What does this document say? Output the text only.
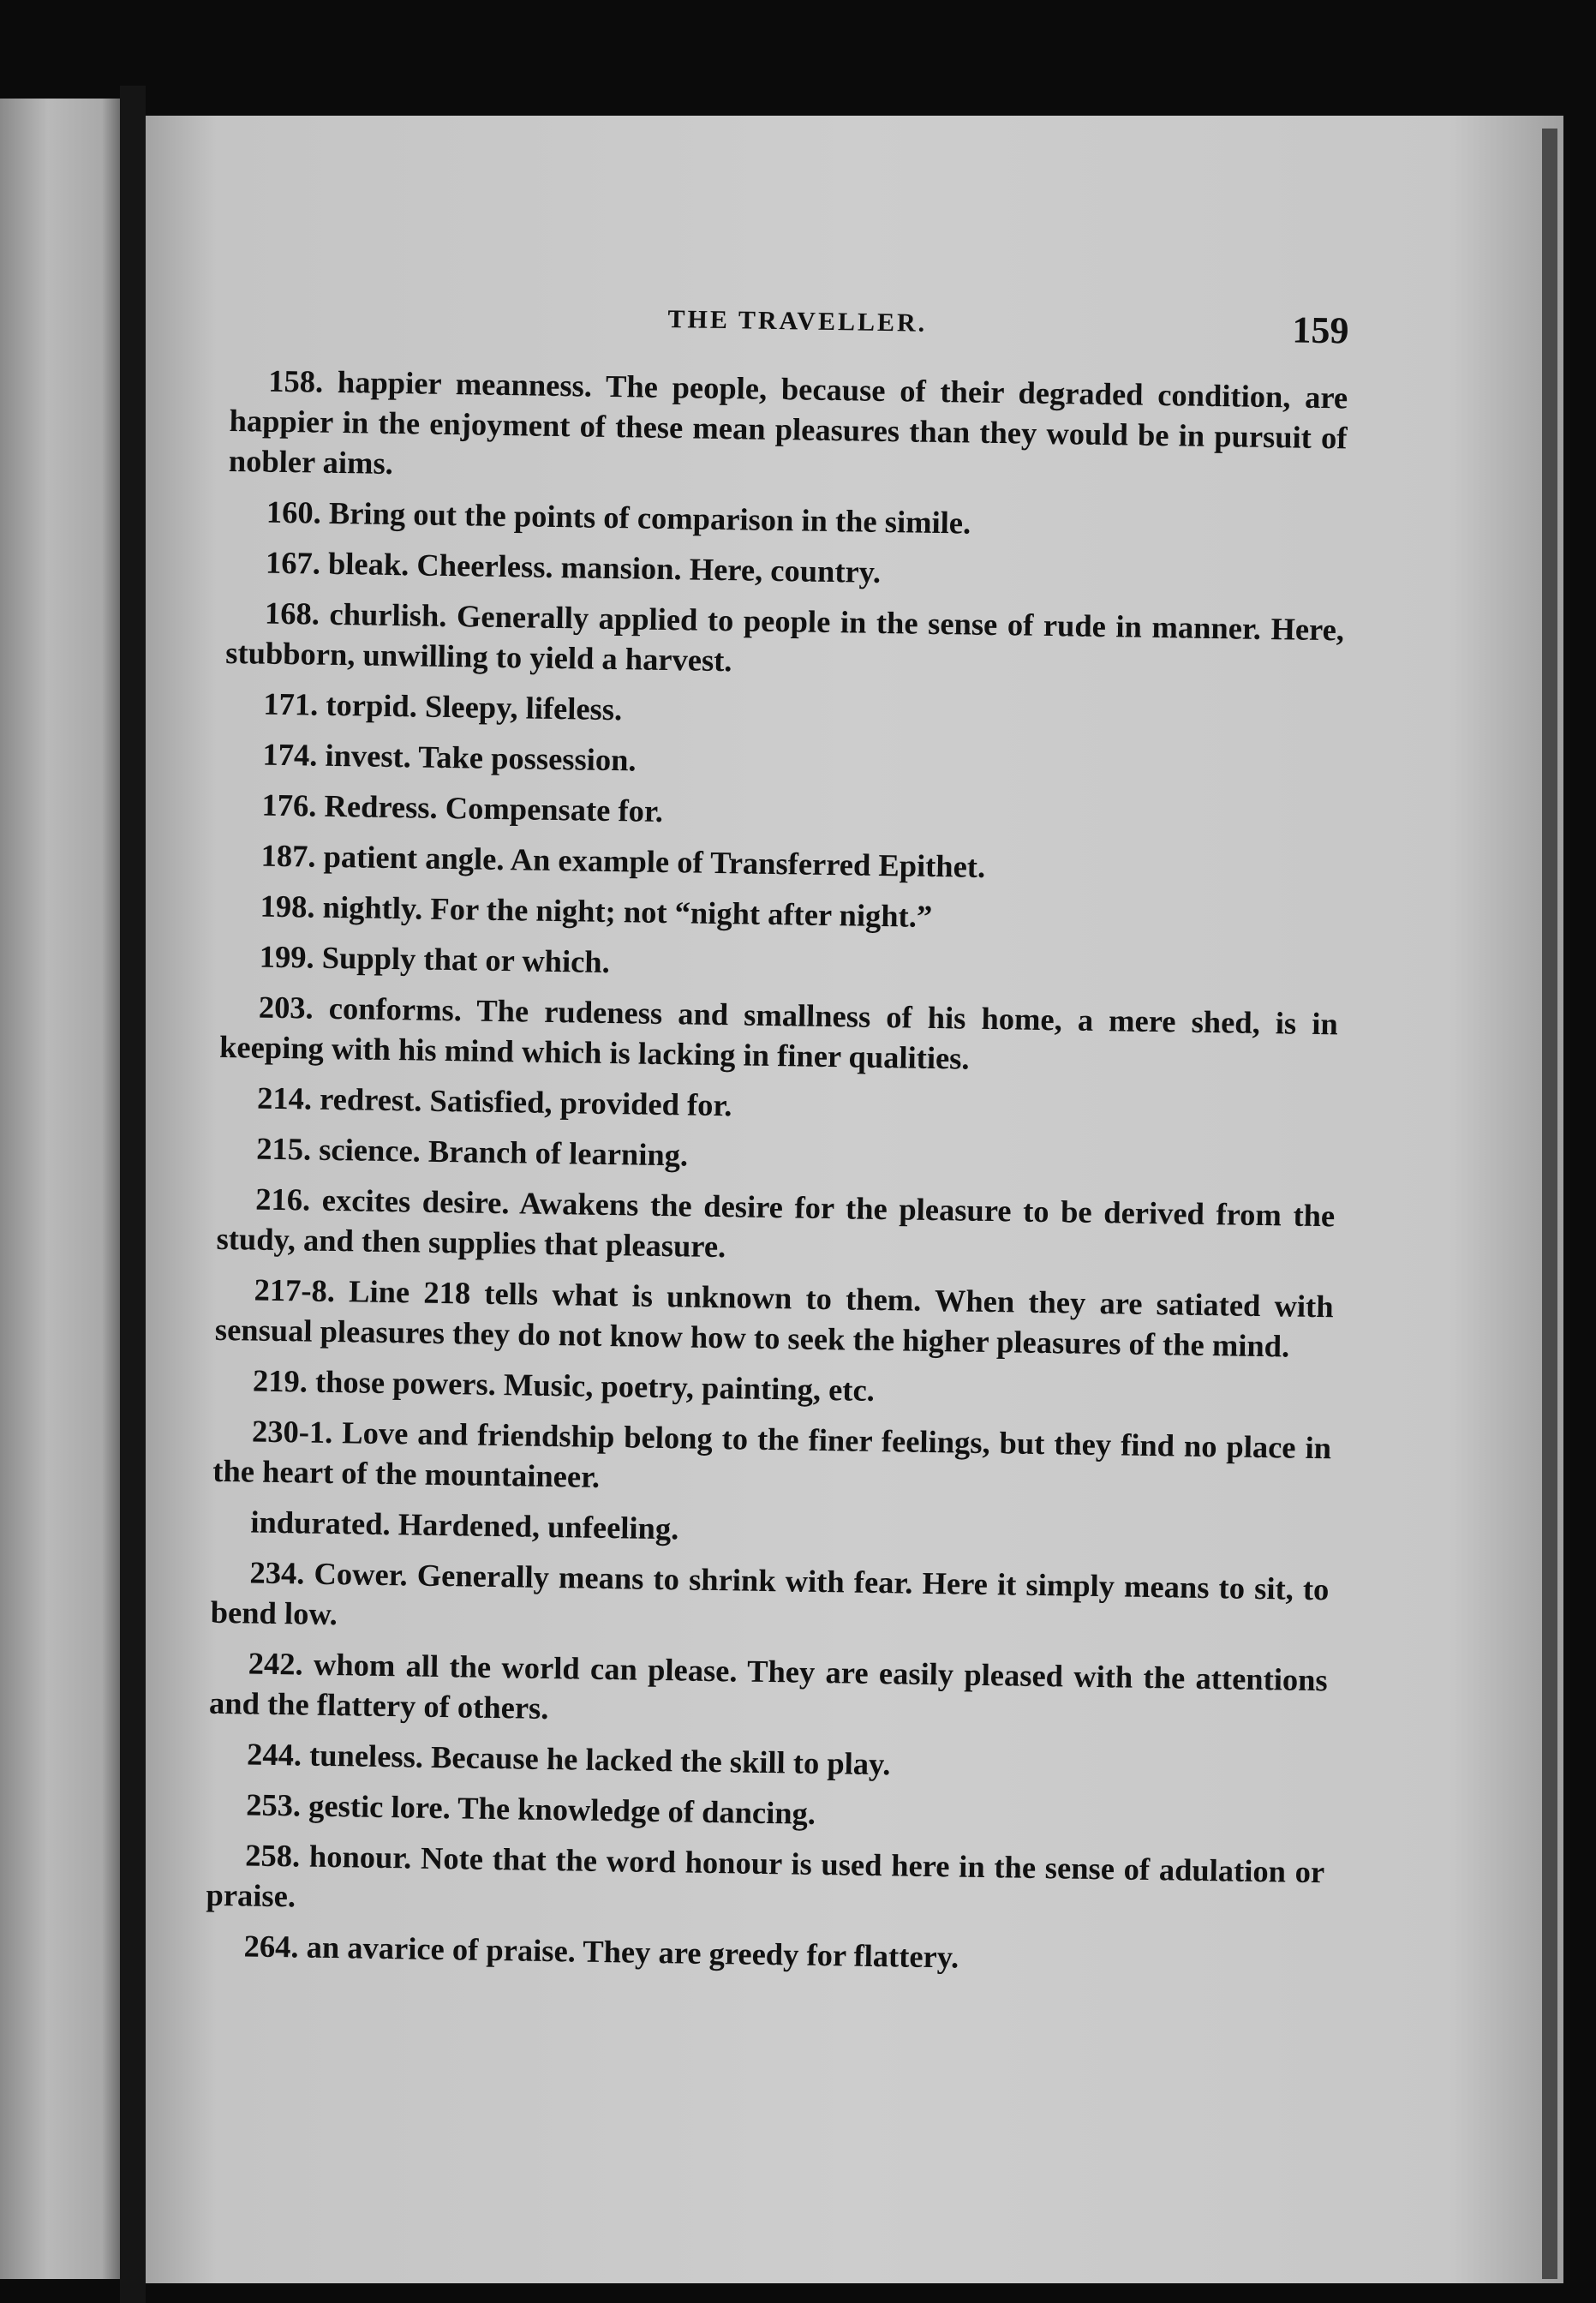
THE TRAVELLER.	159

158. happier meanness. The people, because of their degraded condition, are happier in the enjoyment of these mean pleasures than they would be in pursuit of nobler aims.

160. Bring out the points of comparison in the simile.

167. bleak. Cheerless. mansion. Here, country.

168. churlish. Generally applied to people in the sense of rude in manner. Here, stubborn, unwilling to yield a harvest.

171. torpid. Sleepy, lifeless.

174. invest. Take possession.

176. Redress. Compensate for.

187. patient angle. An example of Transferred Epithet.

198. nightly. For the night; not “night after night.”

199. Supply that or which.

203. conforms. The rudeness and smallness of his home, a mere shed, is in keeping with his mind which is lacking in finer qualities.

214. redrest. Satisfied, provided for.

215. science. Branch of learning.

216. excites desire. Awakens the desire for the pleasure to be derived from the study, and then supplies that pleasure.

217-8. Line 218 tells what is unknown to them. When they are satiated with sensual pleasures they do not know how to seek the higher pleasures of the mind.

219. those powers. Music, poetry, painting, etc.

230-1. Love and friendship belong to the finer feelings, but they find no place in the heart of the mountaineer.

indurated. Hardened, unfeeling.

234. Cower. Generally means to shrink with fear. Here it simply means to sit, to bend low.

242. whom all the world can please. They are easily pleased with the attentions and the flattery of others.

244. tuneless. Because he lacked the skill to play.

253. gestic lore. The knowledge of dancing.

258. honour. Note that the word honour is used here in the sense of adulation or praise.

264. an avarice of praise. They are greedy for flattery.
